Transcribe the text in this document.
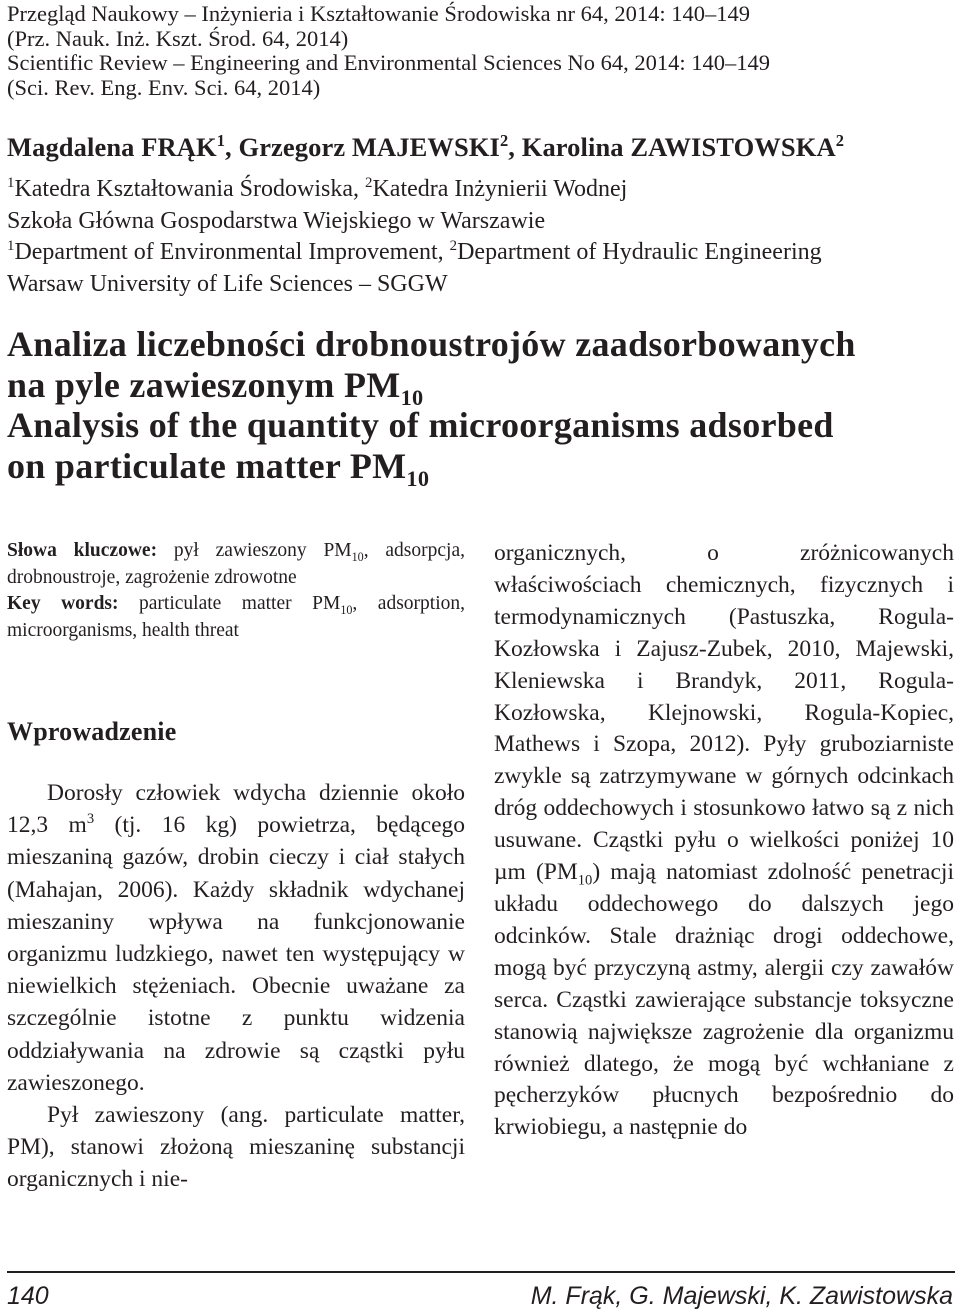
Przegląd Naukowy – Inżynieria i Kształtowanie Środowiska nr 64, 2014: 140–149
(Prz. Nauk. Inż. Kszt. Środ. 64, 2014)
Scientific Review – Engineering and Environmental Sciences No 64, 2014: 140–149
(Sci. Rev. Eng. Env. Sci. 64, 2014)
Magdalena FRĄK$^1$, Grzegorz MAJEWSKI$^2$, Karolina ZAWISTOWSKA$^2$
$^1$Katedra Kształtowania Środowiska, $^2$Katedra Inżynierii Wodnej
Szkoła Główna Gospodarstwa Wiejskiego w Warszawie
$^1$Department of Environmental Improvement, $^2$Department of Hydraulic Engineering
Warsaw University of Life Sciences – SGGW
Analiza liczebności drobnoustrojów zaadsorbowanych
na pyle zawieszonym $PM_{10}$
Analysis of the quantity of microorganisms adsorbed
on particulate matter $PM_{10}$
Słowa kluczowe: pył zawieszony $PM_{10}$, adsorpcja, drobnoustroje, zagrożenie zdrowotne
Key words: particulate matter $PM_{10}$, adsorption, microorganisms, health threat
Wprowadzenie

Dorosły człowiek wdycha dziennie około 12,3 $m^3$ (tj. 16 kg) powietrza, będącego mieszaniną gazów, drobin cieczy i ciał stałych (Mahajan, 2006). Każdy składnik wdychanej mieszaniny wpływa na funkcjonowanie organizmu ludzkiego, nawet ten występujący w niewielkich stężeniach. Obecnie uważane za szczególnie istotne z punktu widzenia oddziaływania na zdrowie są cząstki pyłu zawieszonego.

Pył zawieszony (ang. particulate matter, PM), stanowi złożoną mieszaninę substancji organicznych i nie-

organicznych, o zróżnicowanych właściwościach chemicznych, fizycznych i termodynamicznych (Pastuszka, Rogula-Kozłowska i Zajusz-Zubek, 2010, Majewski, Kleniewska i Brandyk, 2011, Rogula-Kozłowska, Klejnowski, Rogula-Kopiec, Mathews i Szopa, 2012). Pyły gruboziarniste zwykle są zatrzymywane w górnych odcinkach dróg oddechowych i stosunkowo łatwo są z nich usuwane. Cząstki pyłu o wielkości poniżej 10 µm $(PM_{10})$ mają natomiast zdolność penetracji układu oddechowego do dalszych jego odcinków. Stale drażniąc drogi oddechowe, mogą być przyczyną astmy, alergii czy zawałów serca. Cząstki zawierające substancje toksyczne stanowią największe zagrożenie dla organizmu również dlatego, że mogą być wchłaniane z pęcherzyków płucnych bezpośrednio do krwiobiegu, a następnie do

140	M. Frąk, G. Majewski, K. Zawistowska
